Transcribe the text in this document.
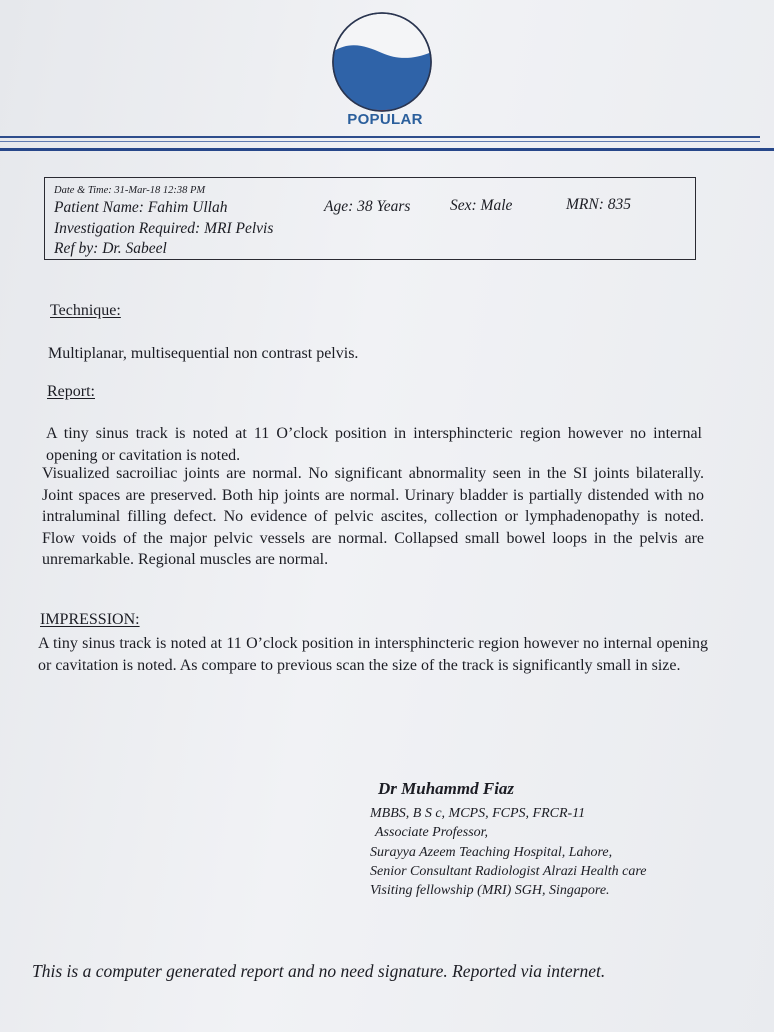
POPULAR
Date & Time: 31-Mar-18 12:38 PM
Patient Name: Fahim Ullah	Age: 38 Years	Sex: Male	MRN: 835
Investigation Required: MRI Pelvis
Ref by: Dr. Sabeel
Technique:
Multiplanar, multisequential non contrast pelvis.
Report:
A tiny sinus track is noted at 11 O’clock position in intersphincteric region however no internal opening or cavitation is noted.
Visualized sacroiliac joints are normal. No significant abnormality seen in the SI joints bilaterally. Joint spaces are preserved. Both hip joints are normal. Urinary bladder is partially distended with no intraluminal filling defect. No evidence of pelvic ascites, collection or lymphadenopathy is noted. Flow voids of the major pelvic vessels are normal. Collapsed small bowel loops in the pelvis are unremarkable. Regional muscles are normal.
IMPRESSION:
A tiny sinus track is noted at 11 O’clock position in intersphincteric region however no internal opening or cavitation is noted. As compare to previous scan the size of the track is significantly small in size.
Dr Muhammd Fiaz
MBBS, B S c, MCPS, FCPS, FRCR-11
Associate Professor,
Surayya Azeem Teaching Hospital, Lahore,
Senior Consultant Radiologist Alrazi Health care
Visiting fellowship (MRI) SGH, Singapore.
This is a computer generated report and no need signature. Reported via internet.
